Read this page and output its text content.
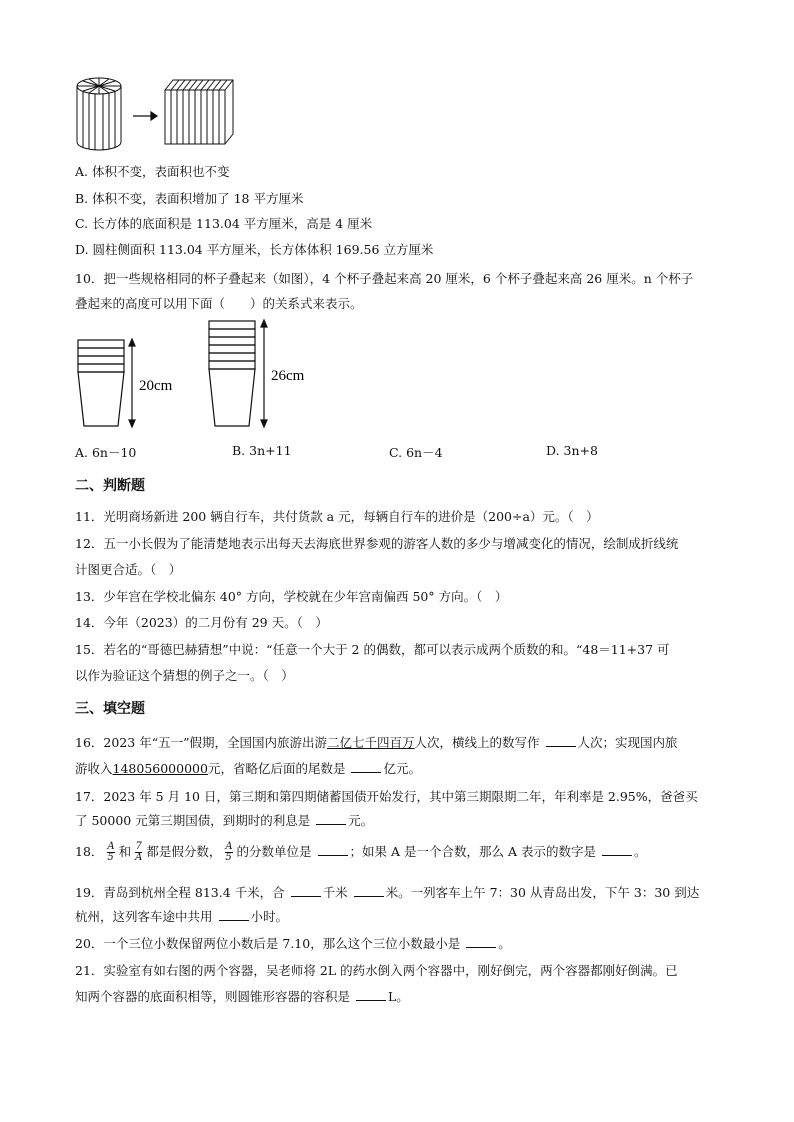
A. 体积不变，表面积也不变
B. 体积不变，表面积增加了 18 平方厘米
C. 长方体的底面积是 113.04 平方厘米，高是 4 厘米
D. 圆柱侧面积 113.04 平方厘米，长方体体积 169.56 立方厘米
10．把一些规格相同的杯子叠起来（如图），4 个杯子叠起来高 20 厘米，6 个杯子叠起来高 26 厘米。n 个杯子
叠起来的高度可以用下面（　　）的关系式来表示。
20cm
26cm
A. 6n－10	B. 3n+11	C. 6n－4	D. 3n+8
二、判断题
11．光明商场新进 200 辆自行车，共付货款 a 元，每辆自行车的进价是（200÷a）元。（　）
12．五一小长假为了能清楚地表示出每天去海底世界参观的游客人数的多少与增减变化的情况，绘制成折线统
计图更合适。（　）
13．少年宫在学校北偏东 40° 方向，学校就在少年宫南偏西 50° 方向。（　）
14．今年（2023）的二月份有 29 天。（　）
15．若名的“哥德巴赫猜想”中说：“任意一个大于 2 的偶数，都可以表示成两个质数的和。“48＝11+37 可
以作为验证这个猜想的例子之一。（　）
三、填空题
16．2023 年“五一”假期，全国国内旅游出游二亿七千四百万人次，横线上的数写作	人次；实现国内旅
游收入148056000000元，省略亿后面的尾数是	亿元。
17．2023 年 5 月 10 日，第三期和第四期储蓄国债开始发行，其中第三期限期二年，年利率是 2.95%，爸爸买
了 50000 元第三期国债，到期时的利息是	元。
18． $\frac{A}{5}$ 和 $\frac{7}{A}$ 都是假分数， $\frac{A}{5}$ 的分数单位是	；如果 A 是一个合数，那么 A 表示的数字是	。
19．青岛到杭州全程 813.4 千米，合	千米	米。一列客车上午 7：30 从青岛出发，下午 3：30 到达
杭州，这列客车途中共用	小时。
20．一个三位小数保留两位小数后是 7.10，那么这个三位小数最小是	。
21．实验室有如右图的两个容器，吴老师将 2L 的药水倒入两个容器中，刚好倒完，两个容器都刚好倒满。已
知两个容器的底面积相等，则圆锥形容器的容积是	L。
